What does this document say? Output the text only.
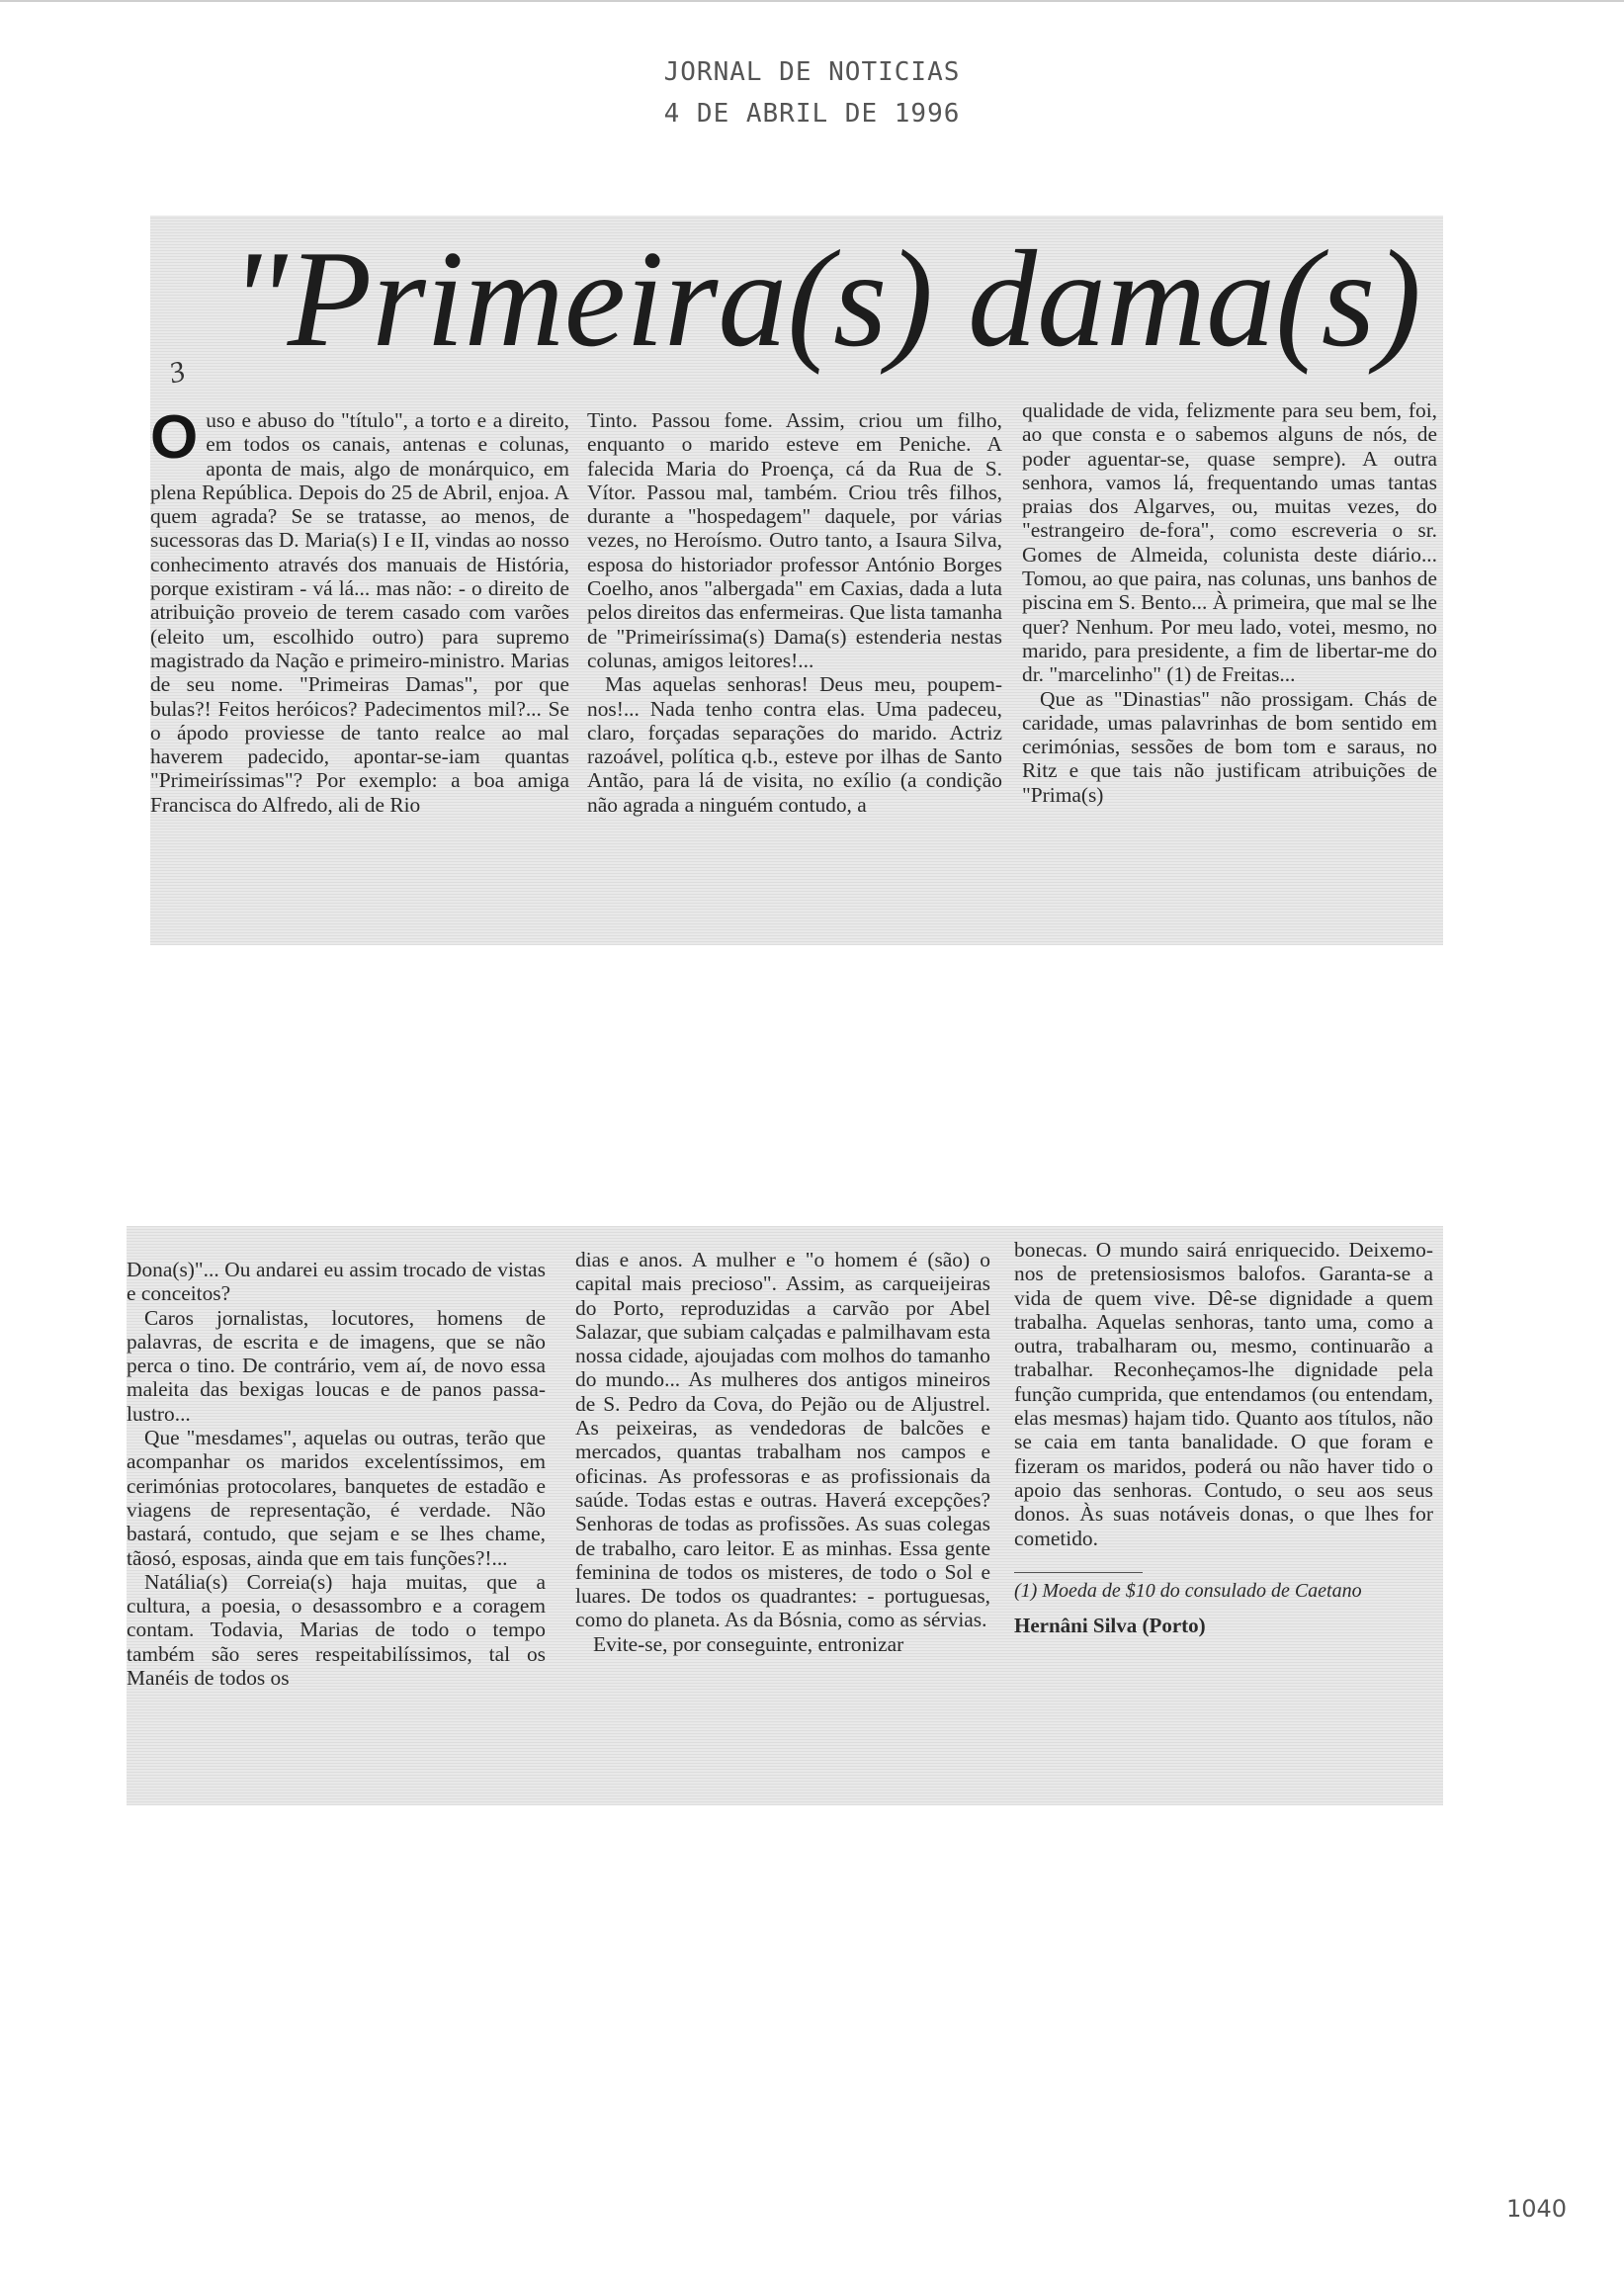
JORNAL DE NOTICIAS
4 DE ABRIL DE 1996
"Primeira(s) dama(s)
3
O uso e abuso do "título", a torto e a direito, em todos os canais, antenas e colunas, aponta de mais, algo de monárquico, em plena República. Depois do 25 de Abril, enjoa. A quem agrada? Se se tratasse, ao menos, de sucessoras das D. Maria(s) I e II, vindas ao nosso conhecimento através dos manuais de História, porque existiram - vá lá... mas não: - o direito de atribuição proveio de terem casado com varões (eleito um, escolhido outro) para supremo magistrado da Nação e primeiro-ministro. Marias de seu nome. "Primeiras Damas", por que bulas?! Feitos heróicos? Padecimentos mil?... Se o ápodo proviesse de tanto realce ao mal haverem padecido, apontar-se-iam quantas "Primeiríssimas"? Por exemplo: a boa amiga Francisca do Alfredo, ali de Rio
Tinto. Passou fome. Assim, criou um filho, enquanto o marido esteve em Peniche. A falecida Maria do Proença, cá da Rua de S. Vítor. Passou mal, também. Criou três filhos, durante a "hospedagem" daquele, por várias vezes, no Heroísmo. Outro tanto, a Isaura Silva, esposa do historiador professor António Borges Coelho, anos "albergada" em Caxias, dada a luta pelos direitos das enfermeiras. Que lista tamanha de "Primeiríssima(s) Dama(s) estenderia nestas colunas, amigos leitores!...
Mas aquelas senhoras! Deus meu, poupem-nos!... Nada tenho contra elas. Uma padeceu, claro, forçadas separações do marido. Actriz razoável, política q.b., esteve por ilhas de Santo Antão, para lá de visita, no exílio (a condição não agrada a ninguém contudo, a
qualidade de vida, felizmente para seu bem, foi, ao que consta e o sabemos alguns de nós, de poder aguentar-se, quase sempre). A outra senhora, vamos lá, frequentando umas tantas praias dos Algarves, ou, muitas vezes, do "estrangeiro de-fora", como escreveria o sr. Gomes de Almeida, colunista deste diário... Tomou, ao que paira, nas colunas, uns banhos de piscina em S. Bento... À primeira, que mal se lhe quer? Nenhum. Por meu lado, votei, mesmo, no marido, para presidente, a fim de libertar-me do dr. "marcelinho" (1) de Freitas...
Que as "Dinastias" não prossigam. Chás de caridade, umas palavrinhas de bom sentido em cerimónias, sessões de bom tom e saraus, no Ritz e que tais não justificam atribuições de "Prima(s)
Dona(s)"... Ou andarei eu assim trocado de vistas e conceitos?
Caros jornalistas, locutores, homens de palavras, de escrita e de imagens, que se não perca o tino. De contrário, vem aí, de novo essa maleita das bexigas loucas e de panos passa-lustro...
Que "mesdames", aquelas ou outras, terão que acompanhar os maridos excelentíssimos, em cerimónias protocolares, banquetes de estadão e viagens de representação, é verdade. Não bastará, contudo, que sejam e se lhes chame, tãosó, esposas, ainda que em tais funções?!...
Natália(s) Correia(s) haja muitas, que a cultura, a poesia, o desassombro e a coragem contam. Todavia, Marias de todo o tempo também são seres respeitabilíssimos, tal os Manéis de todos os
dias e anos. A mulher e "o homem é (são) o capital mais precioso". Assim, as carqueijeiras do Porto, reproduzidas a carvão por Abel Salazar, que subiam calçadas e palmilhavam esta nossa cidade, ajoujadas com molhos do tamanho do mundo... As mulheres dos antigos mineiros de S. Pedro da Cova, do Pejão ou de Aljustrel. As peixeiras, as vendedoras de balcões e mercados, quantas trabalham nos campos e oficinas. As professoras e as profissionais da saúde. Todas estas e outras. Haverá excepções? Senhoras de todas as profissões. As suas colegas de trabalho, caro leitor. E as minhas. Essa gente feminina de todos os misteres, de todo o Sol e luares. De todos os quadrantes: - portuguesas, como do planeta. As da Bósnia, como as sérvias.
Evite-se, por conseguinte, entronizar
bonecas. O mundo sairá enriquecido. Deixemo-nos de pretensiosismos balofos. Garanta-se a vida de quem vive. Dê-se dignidade a quem trabalha. Aquelas senhoras, tanto uma, como a outra, trabalharam ou, mesmo, continuarão a trabalhar. Reconheçamos-lhe dignidade pela função cumprida, que entendamos (ou entendam, elas mesmas) hajam tido. Quanto aos títulos, não se caia em tanta banalidade. O que foram e fizeram os maridos, poderá ou não haver tido o apoio das senhoras. Contudo, o seu aos seus donos. Às suas notáveis donas, o que lhes for cometido.
(1) Moeda de $10 do consulado de Caetano
Hernâni Silva (Porto)
1040
